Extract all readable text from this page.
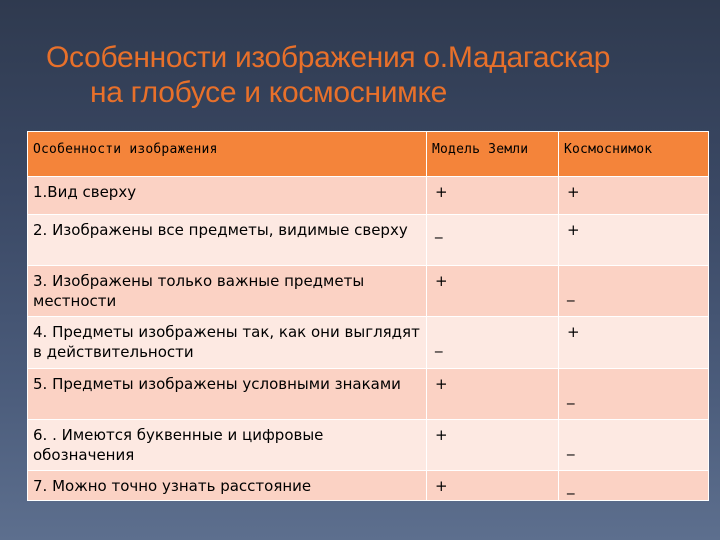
Особенности изображения о.Мадагаскар
на глобусе и космоснимке
Особенности изображения	Модель Земли	Космоснимок
1.Вид сверху	+	+
2. Изображены все предметы, видимые сверху	_	+
3. Изображены только важные предметы местности	+	_
4. Предметы изображены так, как они выглядят в действительности	_	+
5. Предметы изображены условными знаками	+	_
6. . Имеются буквенные и цифровые обозначения	+	_
7. Можно точно узнать расстояние	+	_
